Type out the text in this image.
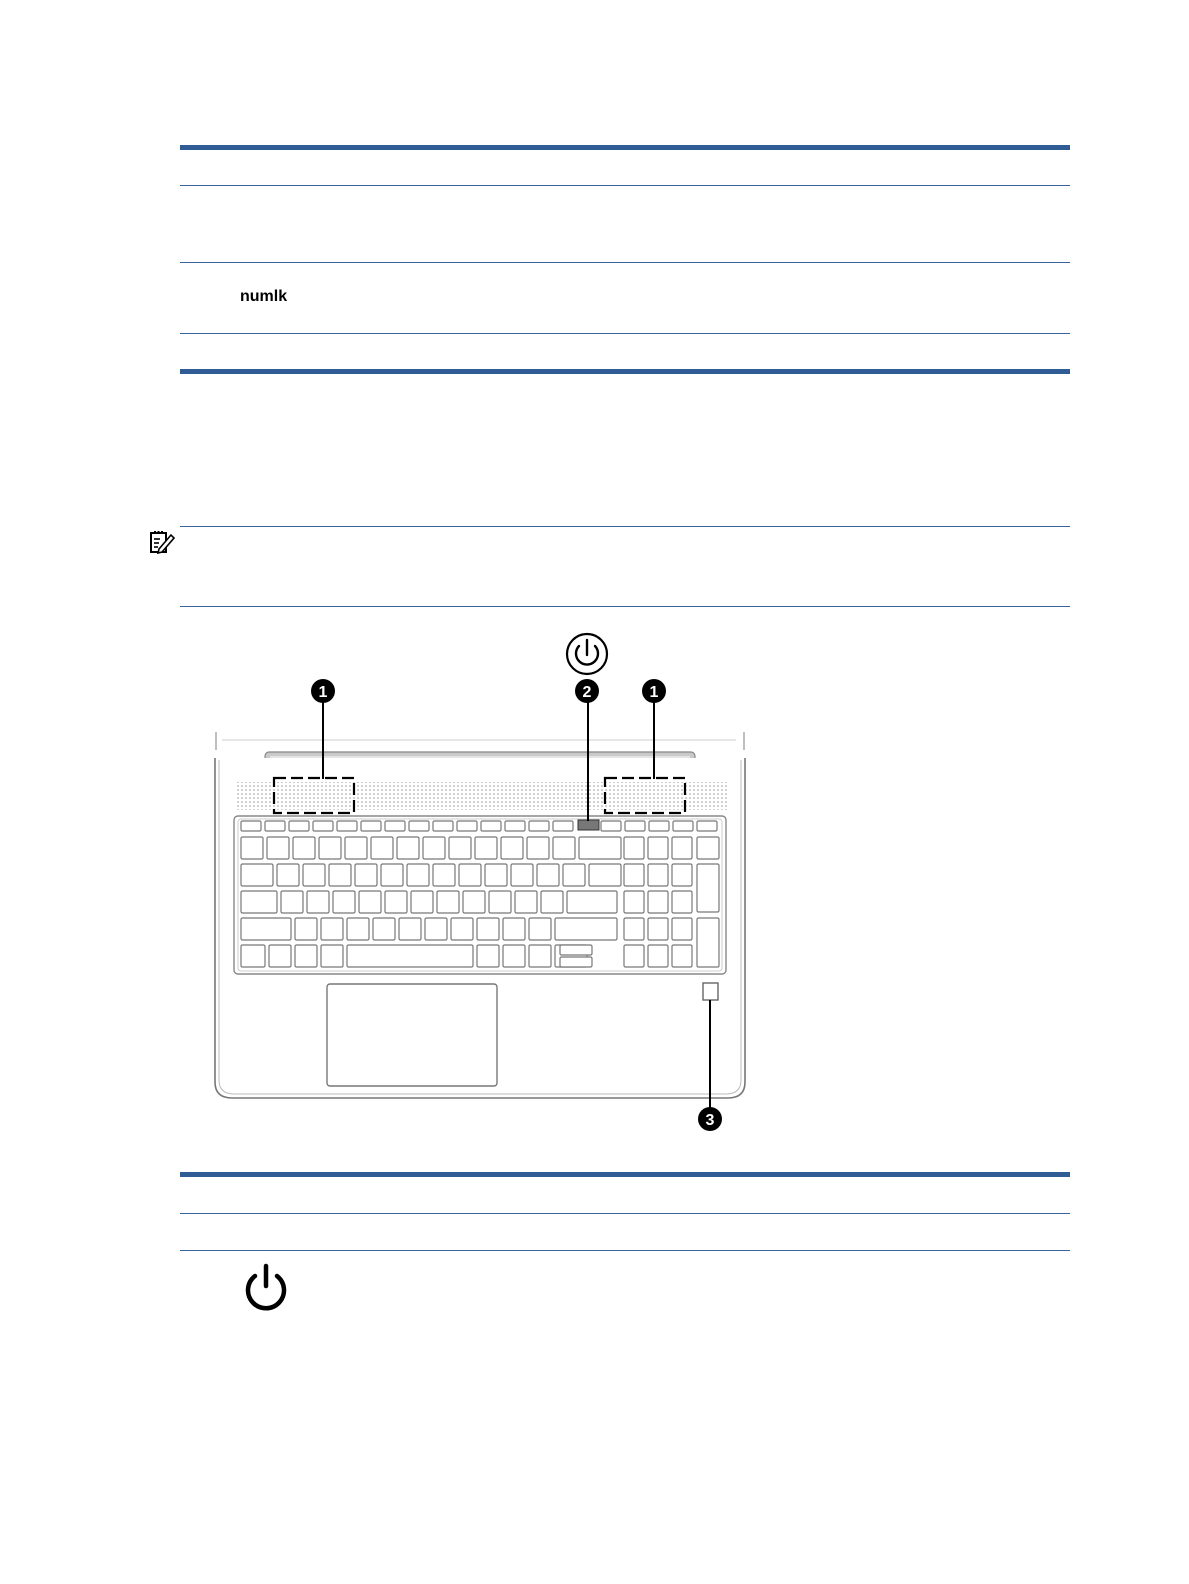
numlk
1	2	1
3
